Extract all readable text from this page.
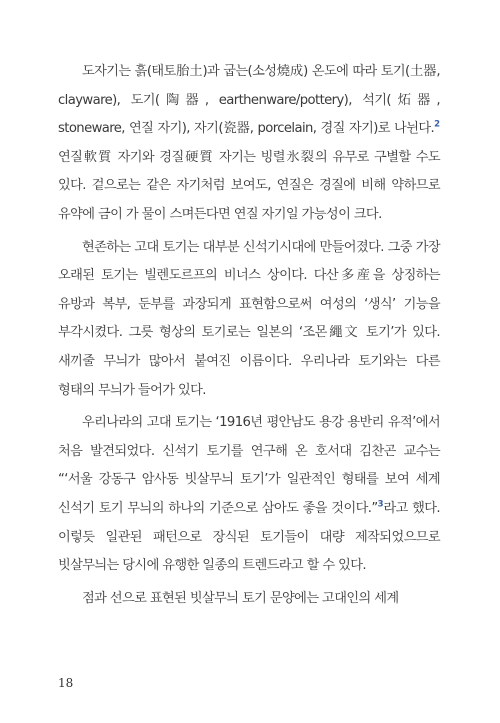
도자기는 흙(태토胎土)과 굽는(소성燒成) 온도에 따라 토기(土器, clayware), 도기(陶器, earthenware/pottery), 석기(炻器, stoneware, 연질 자기), 자기(瓷器, porcelain, 경질 자기)로 나뉜다.$^2$ 연질軟質 자기와 경질硬質 자기는 빙렬氷裂의 유무로 구별할 수도 있다. 겉으로는 같은 자기처럼 보여도, 연질은 경질에 비해 약하므로 유약에 금이 가 물이 스며든다면 연질 자기일 가능성이 크다.

현존하는 고대 토기는 대부분 신석기시대에 만들어졌다. 그중 가장 오래된 토기는 빌렌도르프의 비너스 상이다. 다산多産을 상징하는 유방과 복부, 둔부를 과장되게 표현함으로써 여성의 ‘생식’ 기능을 부각시켰다. 그릇 형상의 토기로는 일본의 ‘조몬繩文 토기’가 있다. 새끼줄 무늬가 많아서 붙여진 이름이다. 우리나라 토기와는 다른 형태의 무늬가 들어가 있다.

우리나라의 고대 토기는 ‘1916년 평안남도 용강 용반리 유적’에서 처음 발견되었다. 신석기 토기를 연구해 온 호서대 김찬곤 교수는 “‘서울 강동구 암사동 빗살무늬 토기’가 일관적인 형태를 보여 세계 신석기 토기 무늬의 하나의 기준으로 삼아도 좋을 것이다.”$^3$라고 했다. 이렇듯 일관된 패턴으로 장식된 토기들이 대량 제작되었으므로 빗살무늬는 당시에 유행한 일종의 트렌드라고 할 수 있다.

점과 선으로 표현된 빗살무늬 토기 문양에는 고대인의 세계

18
